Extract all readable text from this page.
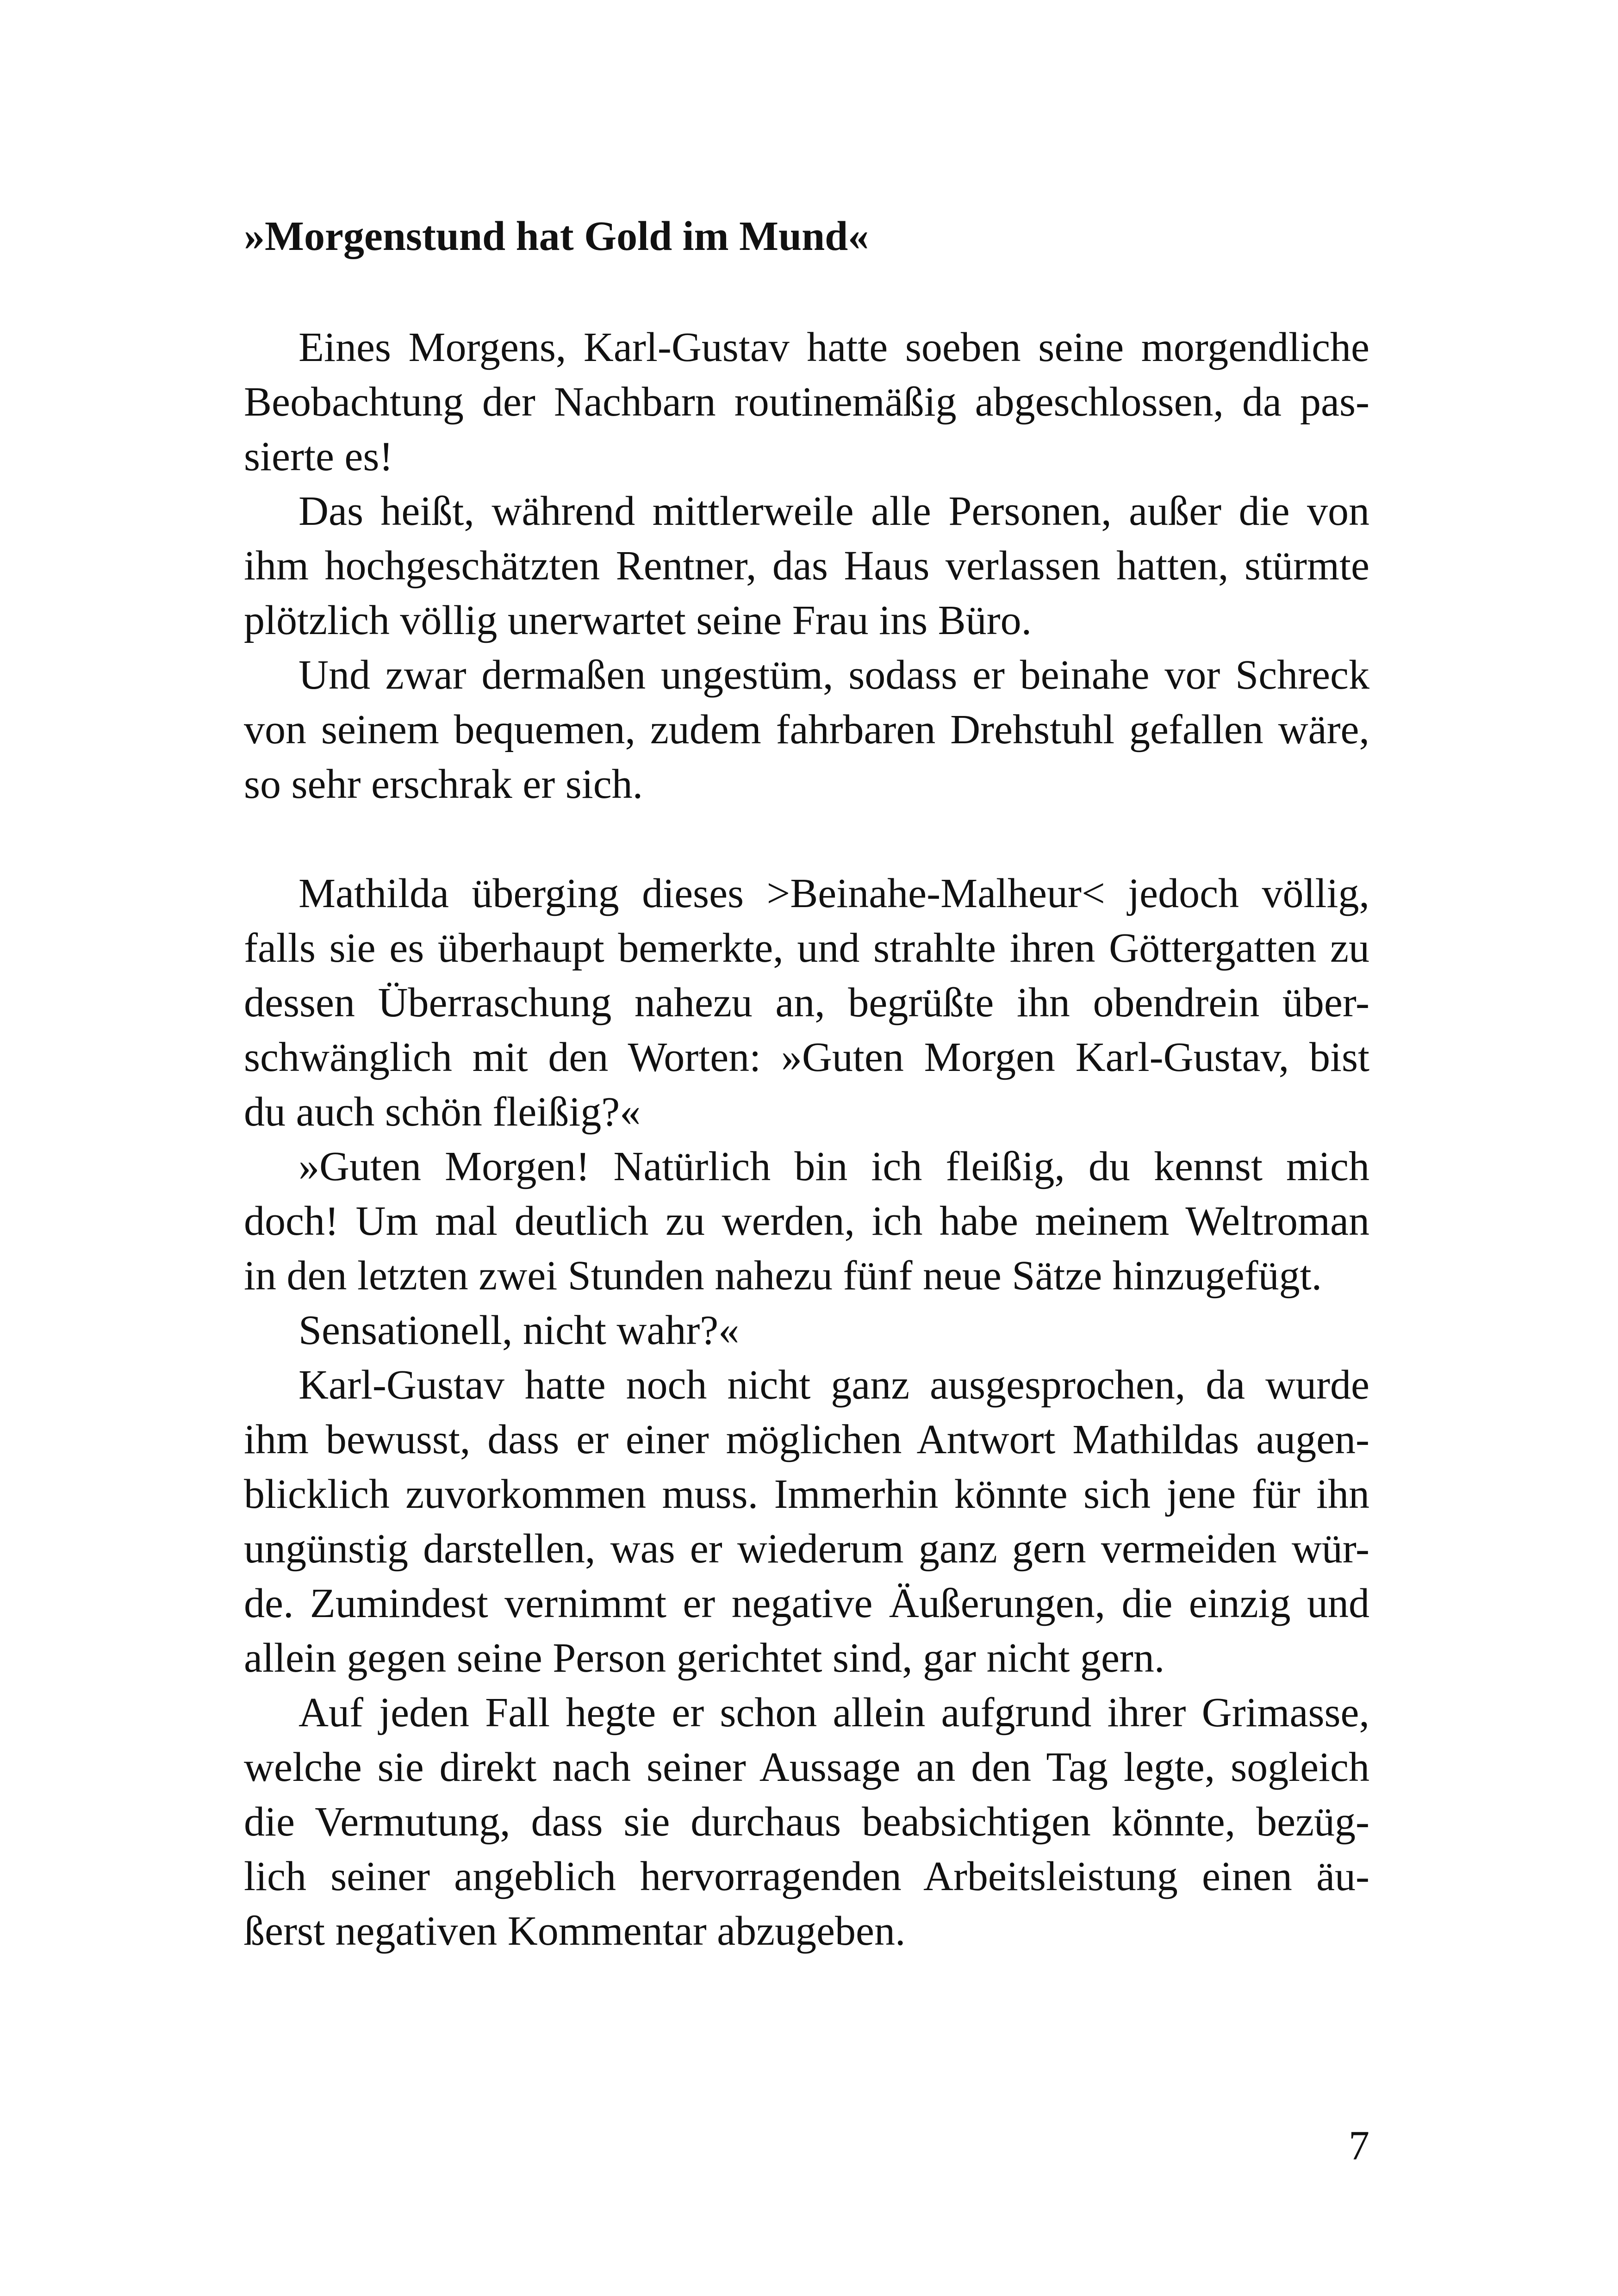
»Morgenstund hat Gold im Mund«
Eines Morgens, Karl-Gustav hatte soeben seine morgendliche
Beobachtung der Nachbarn routinemäßig abgeschlossen, da pas-
sierte es!
Das heißt, während mittlerweile alle Personen, außer die von
ihm hochgeschätzten Rentner, das Haus verlassen hatten, stürmte
plötzlich völlig unerwartet seine Frau ins Büro.
Und zwar dermaßen ungestüm, sodass er beinahe vor Schreck
von seinem bequemen, zudem fahrbaren Drehstuhl gefallen wäre,
so sehr erschrak er sich.
Mathilda überging dieses >Beinahe-Malheur< jedoch völlig,
falls sie es überhaupt bemerkte, und strahlte ihren Göttergatten zu
dessen Überraschung nahezu an, begrüßte ihn obendrein über-
schwänglich mit den Worten: »Guten Morgen Karl-Gustav, bist
du auch schön fleißig?«
»Guten Morgen! Natürlich bin ich fleißig, du kennst mich
doch! Um mal deutlich zu werden, ich habe meinem Weltroman
in den letzten zwei Stunden nahezu fünf neue Sätze hinzugefügt.
Sensationell, nicht wahr?«
Karl-Gustav hatte noch nicht ganz ausgesprochen, da wurde
ihm bewusst, dass er einer möglichen Antwort Mathildas augen-
blicklich zuvorkommen muss. Immerhin könnte sich jene für ihn
ungünstig darstellen, was er wiederum ganz gern vermeiden wür-
de. Zumindest vernimmt er negative Äußerungen, die einzig und
allein gegen seine Person gerichtet sind, gar nicht gern.
Auf jeden Fall hegte er schon allein aufgrund ihrer Grimasse,
welche sie direkt nach seiner Aussage an den Tag legte, sogleich
die Vermutung, dass sie durchaus beabsichtigen könnte, bezüg-
lich seiner angeblich hervorragenden Arbeitsleistung einen äu-
ßerst negativen Kommentar abzugeben.
7
